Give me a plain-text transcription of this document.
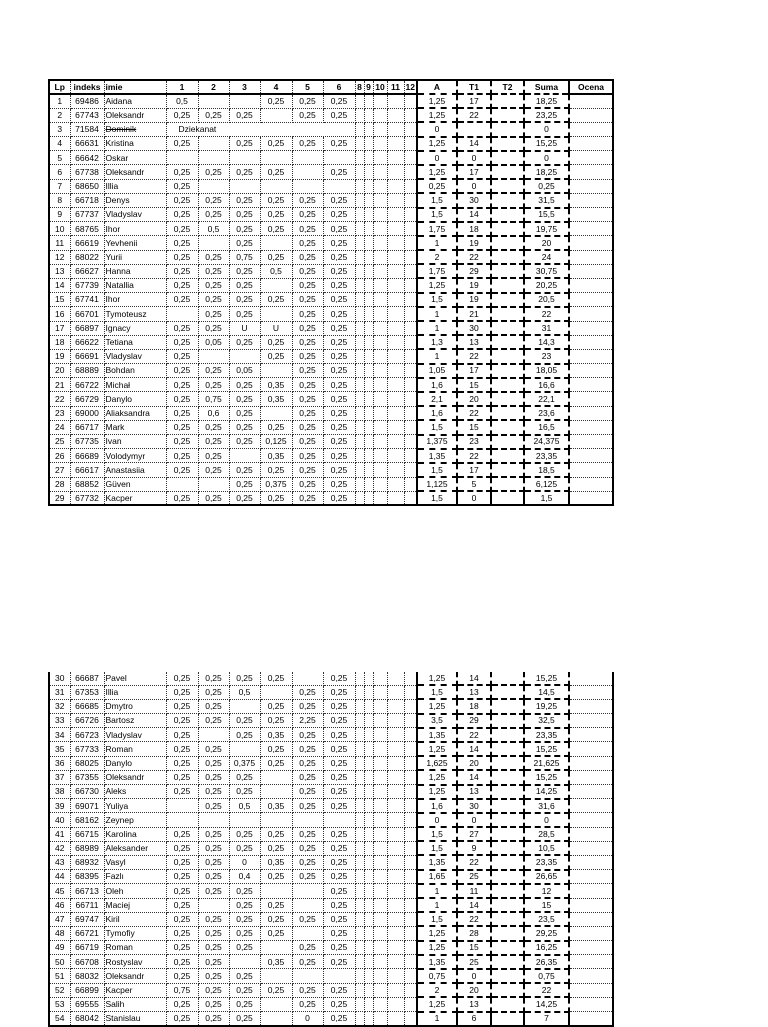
Lp	indeks	imie	1	2	3	4	5	6	8	9	10	11	12	A	T1	T2	Suma	Ocena
1	69486	Aidana	0,5			0,25	0,25	0,25						1,25	17		18,25	
2	67743	Oleksandr	0,25	0,25	0,25		0,25	0,25						1,25	22		23,25	
3	71584	Dominik	Dziekanat											0			0	
4	66631	Kristina	0,25		0,25	0,25	0,25	0,25						1,25	14		15,25	
5	66642	Oskar												0	0		0	
6	67738	Oleksandr	0,25	0,25	0,25	0,25		0,25						1,25	17		18,25	
7	68650	Illia	0,25											0,25	0		0,25	
8	66718	Denys	0,25	0,25	0,25	0,25	0,25	0,25						1,5	30		31,5	
9	67737	Vladyslav	0,25	0,25	0,25	0,25	0,25	0,25						1,5	14		15,5	
10	68765	Ihor	0,25	0,5	0,25	0,25	0,25	0,25						1,75	18		19,75	
11	66619	Yevhenii	0,25		0,25		0,25	0,25						1	19		20	
12	68022	Yurii	0,25	0,25	0,75	0,25	0,25	0,25						2	22		24	
13	66627	Hanna	0,25	0,25	0,25	0,5	0,25	0,25						1,75	29		30,75	
14	67739	Natallia	0,25	0,25	0,25		0,25	0,25						1,25	19		20,25	
15	67741	Ihor	0,25	0,25	0,25	0,25	0,25	0,25						1,5	19		20,5	
16	66701	Tymoteusz		0,25	0,25		0,25	0,25						1	21		22	
17	66897	Ignacy	0,25	0,25	U	U	0,25	0,25						1	30		31	
18	66622	Tetiana	0,25	0,05	0,25	0,25	0,25	0,25						1,3	13		14,3	
19	66691	Vladyslav	0,25			0,25	0,25	0,25						1	22		23	
20	68889	Bohdan	0,25	0,25	0,05		0,25	0,25						1,05	17		18,05	
21	66722	Michał	0,25	0,25	0,25	0,35	0,25	0,25						1,6	15		16,6	
22	66729	Danylo	0,25	0,75	0,25	0,35	0,25	0,25						2,1	20		22,1	
23	69000	Aliaksandra	0,25	0,6	0,25		0,25	0,25						1,6	22		23,6	
24	66717	Mark	0,25	0,25	0,25	0,25	0,25	0,25						1,5	15		16,5	
25	67735	Ivan	0,25	0,25	0,25	0,125	0,25	0,25						1,375	23		24,375	
26	66689	Volodymyr	0,25	0,25		0,35	0,25	0,25						1,35	22		23,35	
27	66617	Anastasiia	0,25	0,25	0,25	0,25	0,25	0,25						1,5	17		18,5	
28	68852	Güven			0,25	0,375	0,25	0,25						1,125	5		6,125	
29	67732	Kacper	0,25	0,25	0,25	0,25	0,25	0,25						1,5	0		1,5	
30	66687	Pavel	0,25	0,25	0,25	0,25		0,25						1,25	14		15,25	
31	67353	Illia	0,25	0,25	0,5		0,25	0,25						1,5	13		14,5	
32	66685	Dmytro	0,25	0,25		0,25	0,25	0,25						1,25	18		19,25	
33	66726	Bartosz	0,25	0,25	0,25	0,25	2,25	0,25						3,5	29		32,5	
34	66723	Vladyslav	0,25		0,25	0,35	0,25	0,25						1,35	22		23,35	
35	67733	Roman	0,25	0,25		0,25	0,25	0,25						1,25	14		15,25	
36	68025	Danylo	0,25	0,25	0,375	0,25	0,25	0,25						1,625	20		21,625	
37	67355	Oleksandr	0,25	0,25	0,25		0,25	0,25						1,25	14		15,25	
38	66730	Aleks	0,25	0,25	0,25		0,25	0,25						1,25	13		14,25	
39	69071	Yuliya		0,25	0,5	0,35	0,25	0,25						1,6	30		31,6	
40	68162	Zeynep												0	0		0	
41	66715	Karolina	0,25	0,25	0,25	0,25	0,25	0,25						1,5	27		28,5	
42	68989	Aleksander	0,25	0,25	0,25	0,25	0,25	0,25						1,5	9		10,5	
43	68932	Vasyl	0,25	0,25	0	0,35	0,25	0,25						1,35	22		23,35	
44	68395	Fazlı	0,25	0,25	0,4	0,25	0,25	0,25						1,65	25		26,65	
45	66713	Oleh	0,25	0,25	0,25			0,25						1	11		12	
46	66711	Maciej	0,25		0,25	0,25		0,25						1	14		15	
47	69747	Kiril	0,25	0,25	0,25	0,25	0,25	0,25						1,5	22		23,5	
48	66721	Tymofiy	0,25	0,25	0,25	0,25		0,25						1,25	28		29,25	
49	66719	Roman	0,25	0,25	0,25		0,25	0,25						1,25	15		16,25	
50	66708	Rostyslav	0,25	0,25		0,35	0,25	0,25						1,35	25		26,35	
51	68032	Oleksandr	0,25	0,25	0,25									0,75	0		0,75	
52	66899	Kacper	0,75	0,25	0,25	0,25	0,25	0,25						2	20		22	
53	69555	Salih	0,25	0,25	0,25		0,25	0,25						1,25	13		14,25	
54	68042	Stanislau	0,25	0,25	0,25		0	0,25						1	6		7	
